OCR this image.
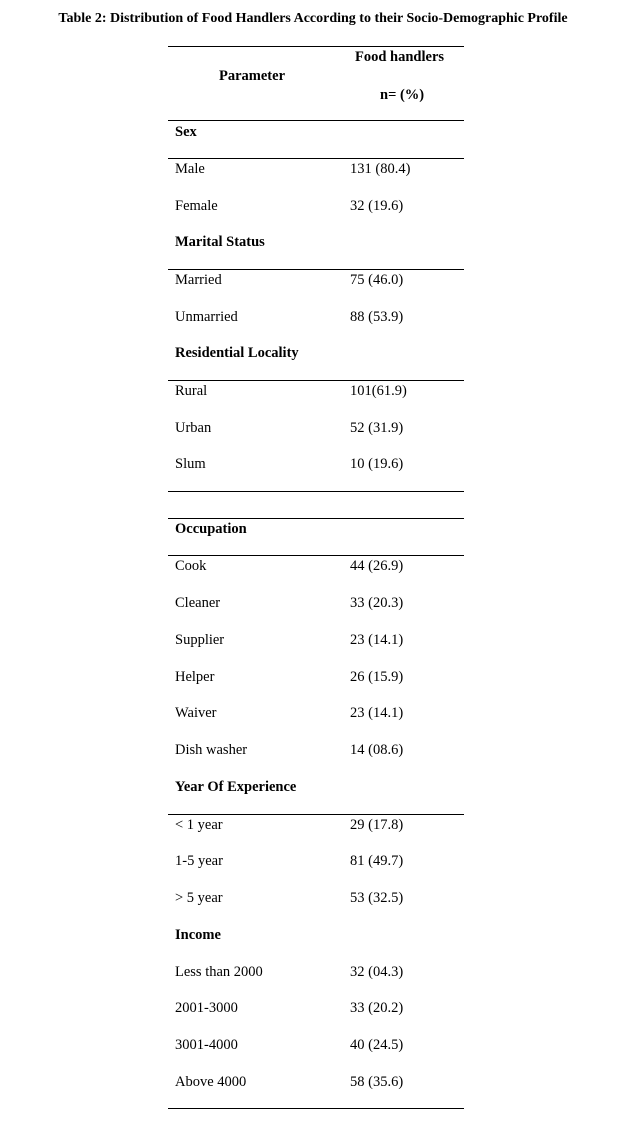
Table 2: Distribution of Food Handlers According to their Socio-Demographic Profile
Parameter
Food handlers
n= (%)
Sex
Male	131 (80.4)
Female	32 (19.6)
Marital Status
Married	75 (46.0)
Unmarried	88 (53.9)
Residential Locality
Rural	101(61.9)
Urban	52 (31.9)
Slum	10 (19.6)
Occupation
Cook	44 (26.9)
Cleaner	33 (20.3)
Supplier	23 (14.1)
Helper	26 (15.9)
Waiver	23 (14.1)
Dish washer	14 (08.6)
Year Of Experience
< 1 year	29 (17.8)
1-5 year	81 (49.7)
> 5 year	53 (32.5)
Income
Less than 2000	32 (04.3)
2001-3000	33 (20.2)
3001-4000	40 (24.5)
Above 4000	58 (35.6)
